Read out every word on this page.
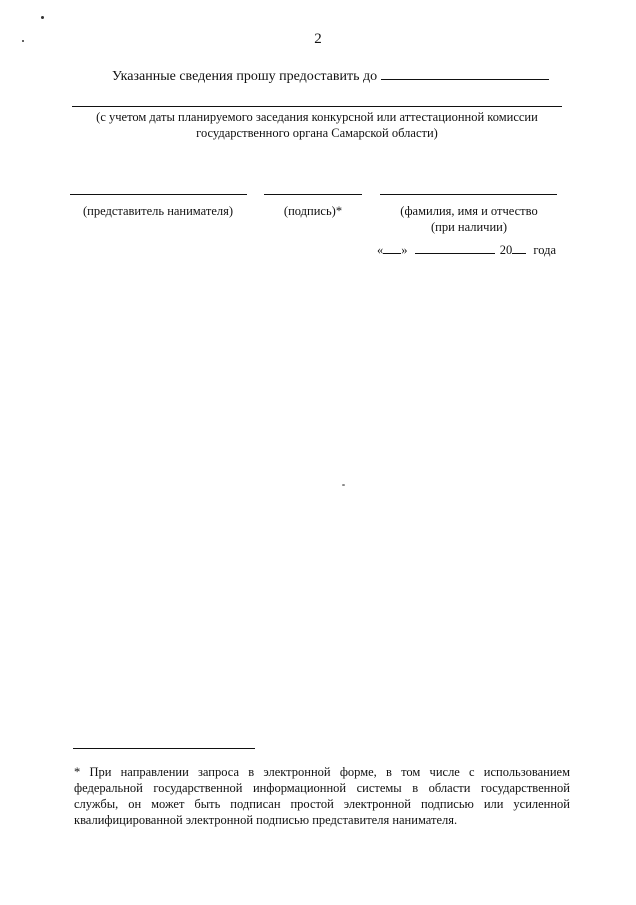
2
Указанные сведения прошу предоставить до
(с учетом даты планируемого заседания конкурсной или аттестационной комиссии
государственного органа Самарской области)
(представитель нанимателя)	(подпись)*	(фамилия, имя и отчество
(при наличии)
« »	20 года
* При направлении запроса в электронной форме, в том числе с использованием федеральной государственной информационной системы в области государственной службы, он может быть подписан простой электронной подписью или усиленной квалифицированной электронной подписью представителя нанимателя.
